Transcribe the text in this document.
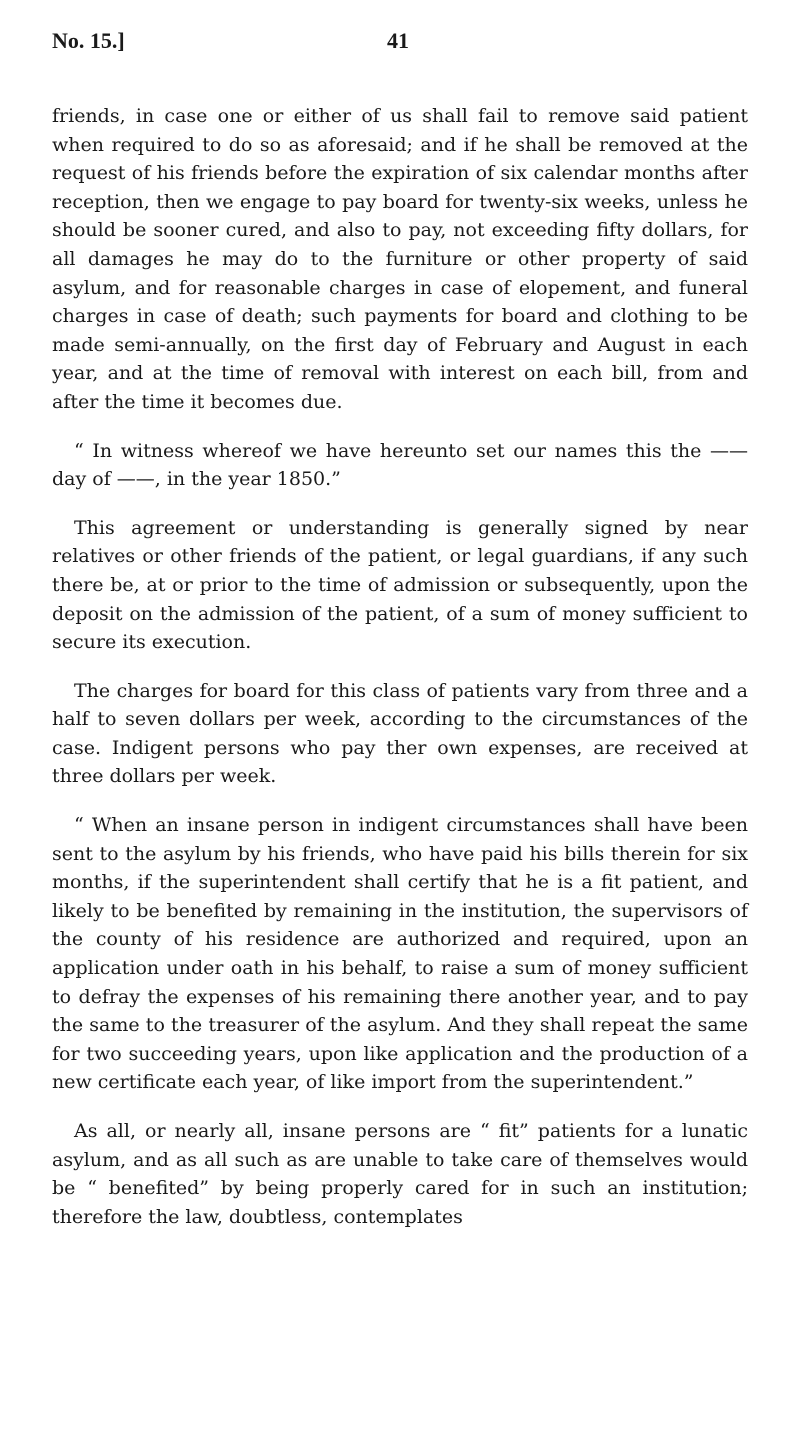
No. 15.]	41

friends, in case one or either of us shall fail to remove said patient when required to do so as aforesaid; and if he shall be removed at the request of his friends before the expiration of six calendar months after reception, then we engage to pay board for twenty-six weeks, unless he should be sooner cured, and also to pay, not exceeding fifty dollars, for all damages he may do to the furniture or other property of said asylum, and for reasonable charges in case of elopement, and funeral charges in case of death; such payments for board and clothing to be made semi-annually, on the first day of February and August in each year, and at the time of removal with interest on each bill, from and after the time it becomes due.

“ In witness whereof we have hereunto set our names this the —— day of ——, in the year 1850.”

This agreement or understanding is generally signed by near relatives or other friends of the patient, or legal guardians, if any such there be, at or prior to the time of admission or subsequently, upon the deposit on the admission of the patient, of a sum of money sufficient to secure its execution.

The charges for board for this class of patients vary from three and a half to seven dollars per week, according to the circumstances of the case. Indigent persons who pay ther own expenses, are received at three dollars per week.

“ When an insane person in indigent circumstances shall have been sent to the asylum by his friends, who have paid his bills therein for six months, if the superintendent shall certify that he is a fit patient, and likely to be benefited by remaining in the institution, the supervisors of the county of his residence are authorized and required, upon an application under oath in his behalf, to raise a sum of money sufficient to defray the expenses of his remaining there another year, and to pay the same to the treasurer of the asylum. And they shall repeat the same for two succeeding years, upon like application and the production of a new certificate each year, of like import from the superintendent.”

As all, or nearly all, insane persons are “ fit” patients for a lunatic asylum, and as all such as are unable to take care of themselves would be “ benefited” by being properly cared for in such an institution; therefore the law, doubtless, contemplates
